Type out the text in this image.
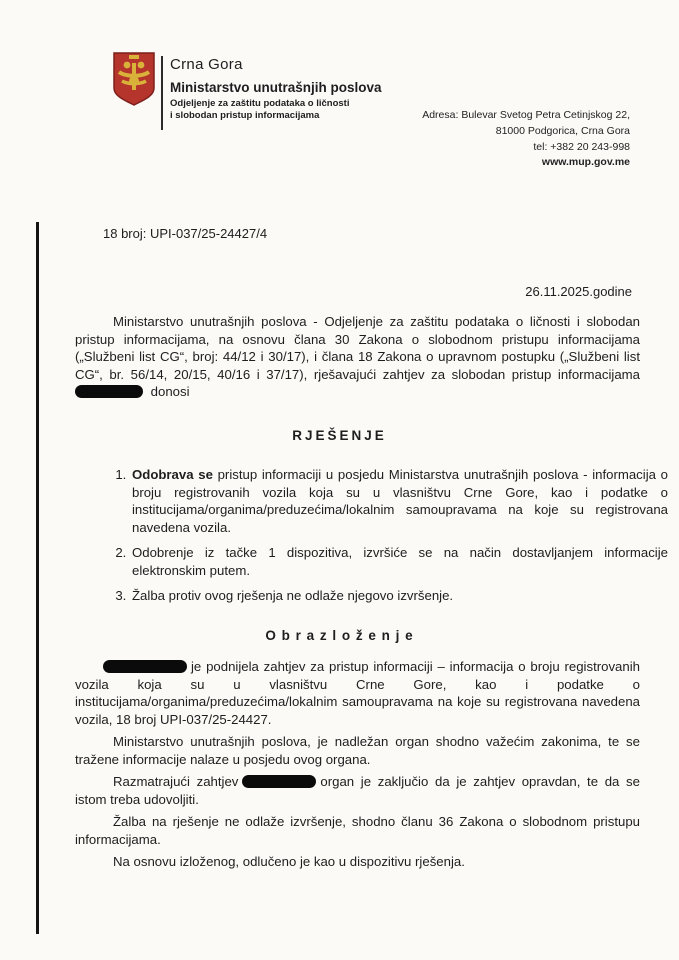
Crna Gora
Ministarstvo unutrašnjih poslova
Odjeljenje za zaštitu podataka o ličnosti
i slobodan pristup informacijama	Adresa: Bulevar Svetog Petra Cetinjskog 22,
81000 Podgorica, Crna Gora
tel: +382 20 243-998
www.mup.gov.me
18 broj: UPI-037/25-24427/4
26.11.2025.godine
Ministarstvo unutrašnjih poslova - Odjeljenje za zaštitu podataka o ličnosti i slobodan pristup informacijama, na osnovu člana 30 Zakona o slobodnom pristupu informacijama („Službeni list CG“, broj: 44/12 i 30/17), i člana 18 Zakona o upravnom postupku („Službeni list CG“, br. 56/14, 20/15, 40/16 i 37/17), rješavajući zahtjev za slobodan pristup informacijama  donosi
RJEŠENJE
1. Odobrava se pristup informaciji u posjedu Ministarstva unutrašnjih poslova - informacija o broju registrovanih vozila koja su u vlasništvu Crne Gore, kao i podatke o institucijama/organima/preduzećima/lokalnim samoupravama na koje su registrovana navedena vozila.
2. Odobrenje iz tačke 1 dispozitiva, izvršiće se na način dostavljanjem informacije elektronskim putem.
3. Žalba protiv ovog rješenja ne odlaže njegovo izvršenje.
O b r a z l o ž e n j e

je podnijela zahtjev za pristup informaciji – informacija o broju registrovanih vozila koja su u vlasništvu Crne Gore, kao i podatke o institucijama/organima/preduzećima/lokalnim samoupravama na koje su registrovana navedena vozila, 18 broj UPI-037/25-24427.

Ministarstvo unutrašnjih poslova, je nadležan organ shodno važećim zakonima, te se tražene informacije nalaze u posjedu ovog organa.

Razmatrajući zahtjev	organ je zaključio da je zahtjev opravdan, te da se istom treba udovoljiti.

Žalba na rješenje ne odlaže izvršenje, shodno članu 36 Zakona o slobodnom pristupu informacijama.

Na osnovu izloženog, odlučeno je kao u dispozitivu rješenja.
